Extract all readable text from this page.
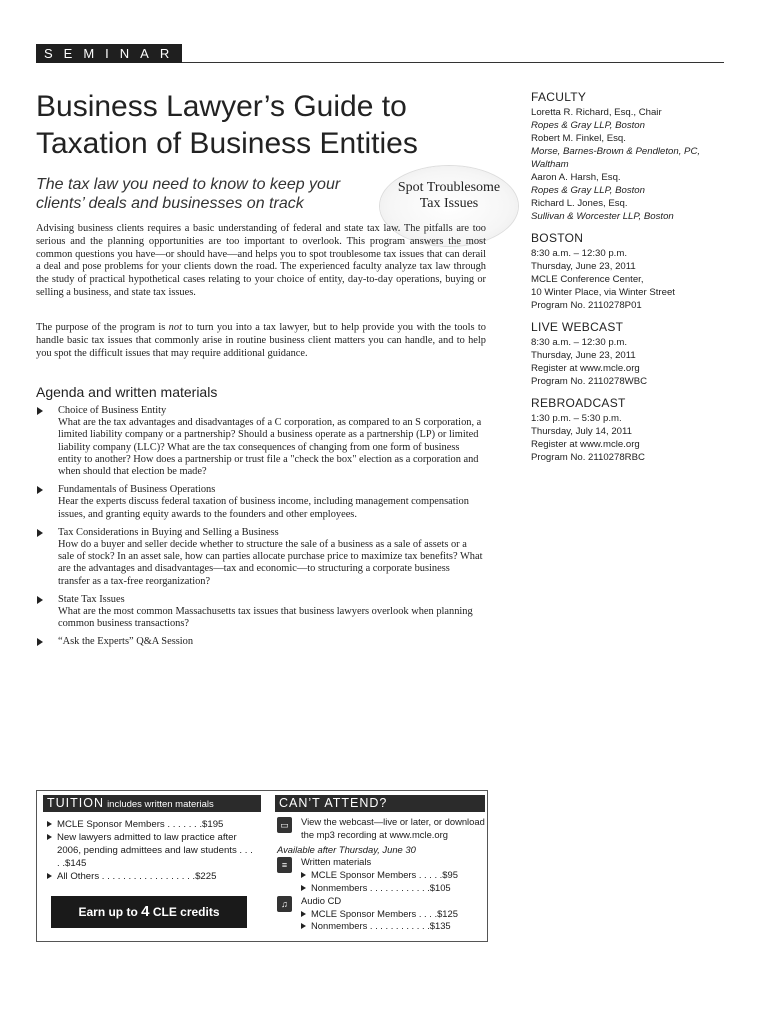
SEMINAR
Business Lawyer’s Guide to
Taxation of Business Entities
The tax law you need to know to keep your clients’ deals and businesses on track
Spot Troublesome Tax Issues
Advising business clients requires a basic understanding of federal and state tax law. The pitfalls are too serious and the planning opportunities are too important to overlook. This program answers the most common questions you have—or should have—and helps you to spot troublesome tax issues that can derail a deal and pose problems for your clients down the road. The experienced faculty analyze tax law through the study of practical hypothetical cases relating to your choice of entity, day-to-day operations, buying or selling a business, and state tax issues.
The purpose of the program is not to turn you into a tax lawyer, but to help provide you with the tools to handle basic tax issues that commonly arise in routine business client matters you can handle, and to help you spot the difficult issues that may require additional guidance.
Agenda and written materials
Choice of Business Entity
What are the tax advantages and disadvantages of a C corporation, as compared to an S corporation, a limited liability company or a partnership? Should a business operate as a partnership (LP) or limited liability company (LLC)? What are the tax consequences of changing from one form of business entity to another? How does a partnership or trust file a "check the box" election as a corporation and when should that election be made?
Fundamentals of Business Operations
Hear the experts discuss federal taxation of business income, including management compensation issues, and granting equity awards to the founders and other employees.
Tax Considerations in Buying and Selling a Business
How do a buyer and seller decide whether to structure the sale of a business as a sale of assets or a sale of stock? In an asset sale, how can parties allocate purchase price to maximize tax benefits? What are the advantages and disadvantages—tax and economic—to structuring a corporate business transfer as a tax-free reorganization?
State Tax Issues
What are the most common Massachusetts tax issues that business lawyers overlook when planning common business transactions?
“Ask the Experts” Q&A Session
FACULTY
Loretta R. Richard, Esq., Chair
Ropes & Gray LLP, Boston
Robert M. Finkel, Esq.
Morse, Barnes-Brown & Pendleton, PC,
Waltham
Aaron A. Harsh, Esq.
Ropes & Gray LLP, Boston
Richard L. Jones, Esq.
Sullivan & Worcester LLP, Boston
BOSTON
8:30 a.m. – 12:30 p.m.
Thursday, June 23, 2011
MCLE Conference Center,
10 Winter Place, via Winter Street
Program No. 2110278P01
LIVE WEBCAST
8:30 a.m. – 12:30 p.m.
Thursday, June 23, 2011
Register at www.mcle.org
Program No. 2110278WBC
REBROADCAST
1:30 p.m. – 5:30 p.m.
Thursday, July 14, 2011
Register at www.mcle.org
Program No. 2110278RBC
TUITION includes written materials
MCLE Sponsor Members . . . . . . .$195
New lawyers admitted to law practice after 2006, pending admittees and law students . . . . .$145
All Others . . . . . . . . . . . . . . . . . .$225
Earn up to 4 CLE credits
CAN’T ATTEND?
▭	View the webcast—live or later, or download the mp3 recording at www.mcle.org
Available after Thursday, June 30
≡	Written materials
MCLE Sponsor Members . . . . .$95
Nonmembers . . . . . . . . . . . .$105
♫	Audio CD
MCLE Sponsor Members . . . .$125
Nonmembers . . . . . . . . . . . .$135
